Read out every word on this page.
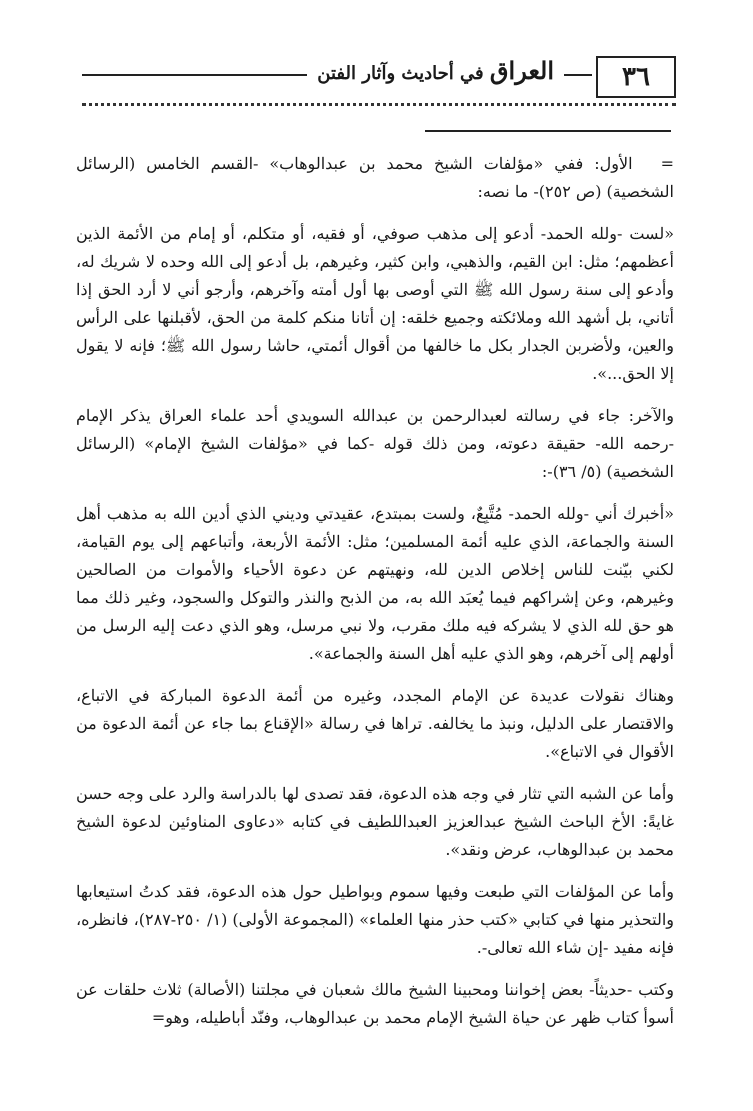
٣٦
العراق في أحاديث وآثار الفتن

=الأول: ففي «مؤلفات الشيخ محمد بن عبدالوهاب» -القسم الخامس (الرسائل الشخصية) (ص ٢٥٢)- ما نصه:

«لست -ولله الحمد- أدعو إلى مذهب صوفي، أو فقيه، أو متكلم، أو إمام من الأئمة الذين أعظمهم؛ مثل: ابن القيم، والذهبي، وابن كثير، وغيرهم، بل أدعو إلى الله وحده لا شريك له، وأدعو إلى سنة رسول الله ﷺ التي أوصى بها أول أمته وآخرهم، وأرجو أني لا أرد الحق إذا أتاني، بل أشهد الله وملائكته وجميع خلقه: إن أتانا منكم كلمة من الحق، لأقبلنها على الرأس والعين، ولأضربن الجدار بكل ما خالفها من أقوال أئمتي، حاشا رسول الله ﷺ؛ فإنه لا يقول إلا الحق...».

والآخر: جاء في رسالته لعبدالرحمن بن عبدالله السويدي أحد علماء العراق يذكر الإمام -رحمه الله- حقيقة دعوته، ومن ذلك قوله -كما في «مؤلفات الشيخ الإمام» (الرسائل الشخصية) (٥/ ٣٦)-:

«أخبرك أني -ولله الحمد- مُتَّبِعٌ، ولست بمبتدع، عقيدتي وديني الذي أدين الله به مذهب أهل السنة والجماعة، الذي عليه أئمة المسلمين؛ مثل: الأئمة الأربعة، وأتباعهم إلى يوم القيامة، لكني بيّنت للناس إخلاص الدين لله، ونهيتهم عن دعوة الأحياء والأموات من الصالحين وغيرهم، وعن إشراكهم فيما يُعبَد الله به، من الذبح والنذر والتوكل والسجود، وغير ذلك مما هو حق لله الذي لا يشركه فيه ملك مقرب، ولا نبي مرسل، وهو الذي دعت إليه الرسل من أولهم إلى آخرهم، وهو الذي عليه أهل السنة والجماعة».

وهناك نقولات عديدة عن الإمام المجدد، وغيره من أئمة الدعوة المباركة في الاتباع، والاقتصار على الدليل، ونبذ ما يخالفه. تراها في رسالة «الإقناع بما جاء عن أئمة الدعوة من الأقوال في الاتباع».

وأما عن الشبه التي تثار في وجه هذه الدعوة، فقد تصدى لها بالدراسة والرد على وجه حسن غايةً: الأخ الباحث الشيخ عبدالعزيز العبداللطيف في كتابه «دعاوى المناوئين لدعوة الشيخ محمد بن عبدالوهاب، عرض ونقد».

وأما عن المؤلفات التي طبعت وفيها سموم وبواطيل حول هذه الدعوة، فقد كدتُ استيعابها والتحذير منها في كتابي «كتب حذر منها العلماء» (المجموعة الأولى) (١/ ٢٥٠-٢٨٧)، فانظره، فإنه مفيد -إن شاء الله تعالى-.

وكتب -حديثاً- بعض إخواننا ومحبينا الشيخ مالك شعبان في مجلتنا (الأصالة) ثلاث حلقات عن أسوأ كتاب ظهر عن حياة الشيخ الإمام محمد بن عبدالوهاب، وفنّد أباطيله، وهو=
